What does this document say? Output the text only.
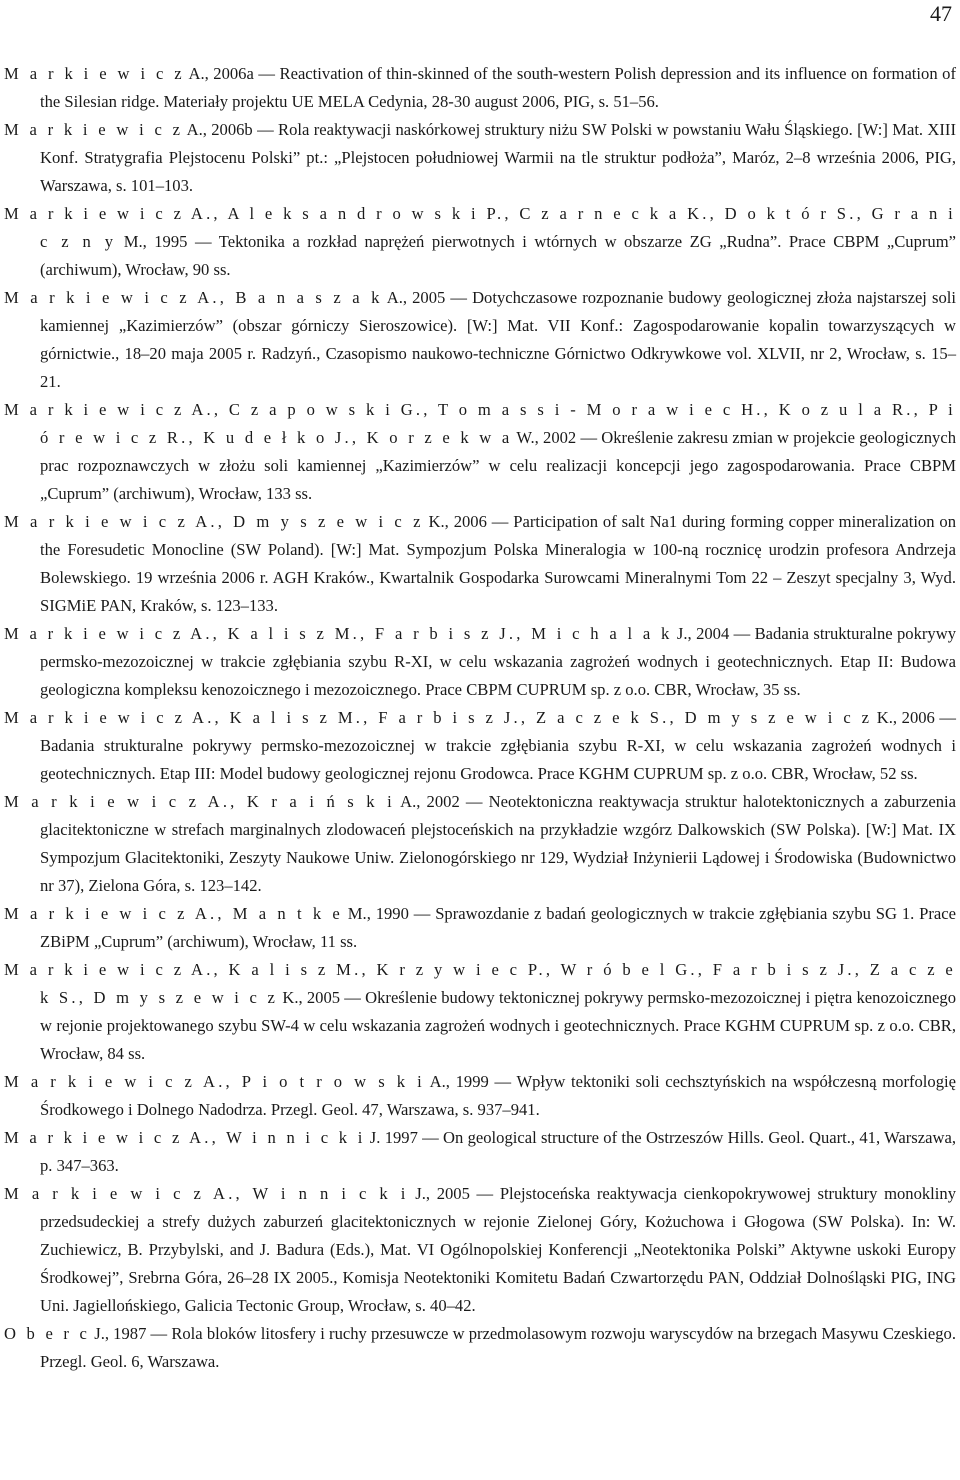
47

M a r k i e w i c z A., 2006a — Reactivation of thin-skinned of the south-western Polish depression and its influence on formation of the Silesian ridge. Materiały projektu UE MELA Cedynia, 28-30 august 2006, PIG, s. 51–56.

M a r k i e w i c z A., 2006b — Rola reaktywacji naskórkowej struktury niżu SW Polski w powstaniu Wału Śląskiego. [W:] Mat. XIII Konf. Stratygrafia Plejstocenu Polski” pt.: „Plejstocen południowej Warmii na tle struktur podłoża”, Maróz, 2–8 września 2006, PIG, Warszawa, s. 101–103.

M a r k i e w i c z A., A l e k s a n d r o w s k i P., C z a r n e c k a K., D o k t ó r S., G r a n i c z n y M., 1995 — Tektonika a rozkład naprężeń pierwotnych i wtórnych w obszarze ZG „Rudna”. Prace CBPM „Cuprum” (archiwum), Wrocław, 90 ss.

M a r k i e w i c z A., B a n a s z a k A., 2005 — Dotychczasowe rozpoznanie budowy geologicznej złoża najstarszej soli kamiennej „Kazimierzów” (obszar górniczy Sieroszowice). [W:] Mat. VII Konf.: Zagospodarowanie kopalin towarzyszących w górnictwie., 18–20 maja 2005 r. Radzyń., Czasopismo naukowo-techniczne Górnictwo Odkrywkowe vol. XLVII, nr 2, Wrocław, s. 15–21.

M a r k i e w i c z A., C z a p o w s k i G., T o m a s s i - M o r a w i e c H., K o z u l a R., P i ó r e w i c z R., K u d e ł k o J., K o r z e k w a W., 2002 — Określenie zakresu zmian w projekcie geologicznych prac rozpoznawczych w złożu soli kamiennej „Kazimierzów” w celu realizacji koncepcji jego zagospodarowania. Prace CBPM „Cuprum” (archiwum), Wrocław, 133 ss.

M a r k i e w i c z A., D m y s z e w i c z K., 2006 — Participation of salt Na1 during forming copper mineralization on the Foresudetic Monocline (SW Poland). [W:] Mat. Sympozjum Polska Mineralogia w 100-ną rocznicę urodzin profesora Andrzeja Bolewskiego. 19 września 2006 r. AGH Kraków., Kwartalnik Gospodarka Surowcami Mineralnymi Tom 22 – Zeszyt specjalny 3, Wyd. SIGMiE PAN, Kraków, s. 123–133.

M a r k i e w i c z A., K a l i s z M., F a r b i s z J., M i c h a l a k J., 2004 — Badania strukturalne pokrywy permsko-mezozoicznej w trakcie zgłębiania szybu R-XI, w celu wskazania zagrożeń wodnych i geotechnicznych. Etap II: Budowa geologiczna kompleksu kenozoicznego i mezozoicznego. Prace CBPM CUPRUM sp. z o.o. CBR, Wrocław, 35 ss.

M a r k i e w i c z A., K a l i s z M., F a r b i s z J., Z a c z e k S., D m y s z e w i c z K., 2006 — Badania strukturalne pokrywy permsko-mezozoicznej w trakcie zgłębiania szybu R-XI, w celu wskazania zagrożeń wodnych i geotechnicznych. Etap III: Model budowy geologicznej rejonu Grodowca. Prace KGHM CUPRUM sp. z o.o. CBR, Wrocław, 52 ss.

M a r k i e w i c z A., K r a i ń s k i A., 2002 — Neotektoniczna reaktywacja struktur halotektonicznych a zaburzenia glacitektoniczne w strefach marginalnych zlodowaceń plejstoceńskich na przykładzie wzgórz Dalkowskich (SW Polska). [W:] Mat. IX Sympozjum Glacitektoniki, Zeszyty Naukowe Uniw. Zielonogórskiego nr 129, Wydział Inżynierii Lądowej i Środowiska (Budownictwo nr 37), Zielona Góra, s. 123–142.

M a r k i e w i c z A., M a n t k e M., 1990 — Sprawozdanie z badań geologicznych w trakcie zgłębiania szybu SG 1. Prace ZBiPM „Cuprum” (archiwum), Wrocław, 11 ss.

M a r k i e w i c z A., K a l i s z M., K r z y w i e c P., W r ó b e l G., F a r b i s z J., Z a c z e k S., D m y s z e w i c z K., 2005 — Określenie budowy tektonicznej pokrywy permsko-mezozoicznej i piętra kenozoicznego w rejonie projektowanego szybu SW-4 w celu wskazania zagrożeń wodnych i geotechnicznych. Prace KGHM CUPRUM sp. z o.o. CBR, Wrocław, 84 ss.

M a r k i e w i c z A., P i o t r o w s k i A., 1999 — Wpływ tektoniki soli cechsztyńskich na współczesną morfologię Środkowego i Dolnego Nadodrza. Przegl. Geol. 47, Warszawa, s. 937–941.

M a r k i e w i c z A., W i n n i c k i J. 1997 — On geological structure of the Ostrzeszów Hills. Geol. Quart., 41, Warszawa, p. 347–363.

M a r k i e w i c z A., W i n n i c k i J., 2005 — Plejstoceńska reaktywacja cienkopokrywowej struktury monokliny przedsudeckiej a strefy dużych zaburzeń glacitektonicznych w rejonie Zielonej Góry, Kożuchowa i Głogowa (SW Polska). In: W. Zuchiewicz, B. Przybylski, and J. Badura (Eds.), Mat. VI Ogólnopolskiej Konferencji „Neotektonika Polski” Aktywne uskoki Europy Środkowej”, Srebrna Góra, 26–28 IX 2005., Komisja Neotektoniki Komitetu Badań Czwartorzędu PAN, Oddział Dolnośląski PIG, ING Uni. Jagiellońskiego, Galicia Tectonic Group, Wrocław, s. 40–42.

O b e r c J., 1987 — Rola bloków litosfery i ruchy przesuwcze w przedmolasowym rozwoju waryscydów na brzegach Masywu Czeskiego. Przegl. Geol. 6, Warszawa.
